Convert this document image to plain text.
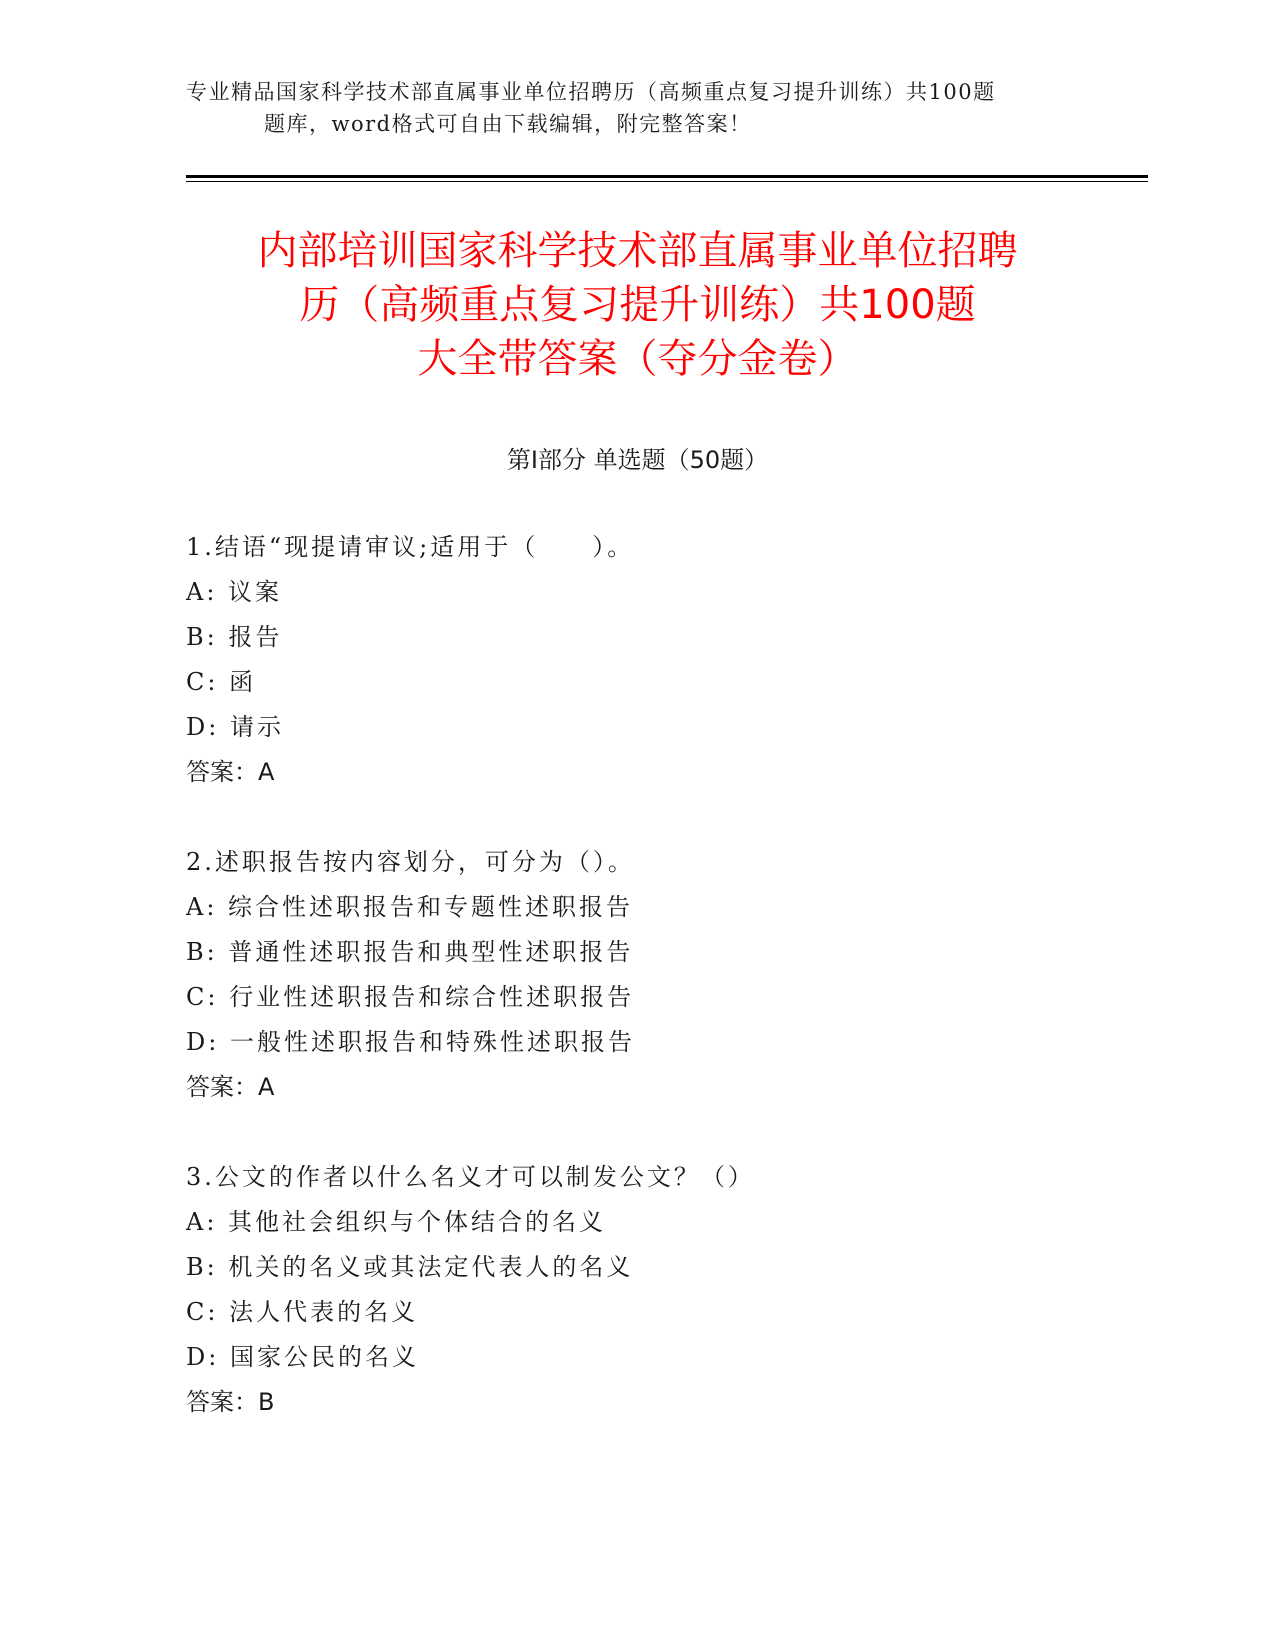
专业精品国家科学技术部直属事业单位招聘历（高频重点复习提升训练）共100题
题库，word格式可自由下载编辑，附完整答案！
内部培训国家科学技术部直属事业单位招聘
历（高频重点复习提升训练）共100题
大全带答案（夺分金卷）
第Ⅰ部分 单选题（50题）
1.结语“现提请审议;适用于（　　）。
A: 议案
B: 报告
C: 函
D: 请示
答案：A
2.述职报告按内容划分，可分为（）。
A: 综合性述职报告和专题性述职报告
B: 普通性述职报告和典型性述职报告
C: 行业性述职报告和综合性述职报告
D: 一般性述职报告和特殊性述职报告
答案：A
3.公文的作者以什么名义才可以制发公文？（）
A: 其他社会组织与个体结合的名义
B: 机关的名义或其法定代表人的名义
C: 法人代表的名义
D: 国家公民的名义
答案：B
